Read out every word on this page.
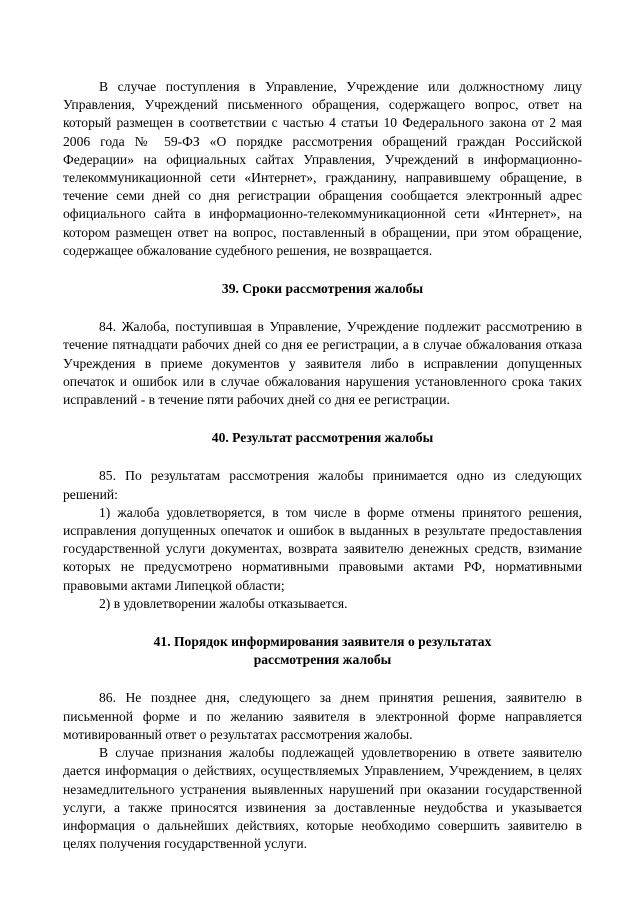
В случае поступления в Управление, Учреждение или должностному лицу Управления, Учреждений письменного обращения, содержащего вопрос, ответ на который размещен в соответствии с частью 4 статьи 10 Федерального закона от 2 мая 2006 года № 59-ФЗ «О порядке рассмотрения обращений граждан Российской Федерации» на официальных сайтах Управления, Учреждений в информационно-телекоммуникационной сети «Интернет», гражданину, направившему обращение, в течение семи дней со дня регистрации обращения сообщается электронный адрес официального сайта в информационно-телекоммуникационной сети «Интернет», на котором размещен ответ на вопрос, поставленный в обращении, при этом обращение, содержащее обжалование судебного решения, не возвращается.

39. Сроки рассмотрения жалобы

84. Жалоба, поступившая в Управление, Учреждение подлежит рассмотрению в течение пятнадцати рабочих дней со дня ее регистрации, а в случае обжалования отказа Учреждения в приеме документов у заявителя либо в исправлении допущенных опечаток и ошибок или в случае обжалования нарушения установленного срока таких исправлений - в течение пяти рабочих дней со дня ее регистрации.

40. Результат рассмотрения жалобы

85. По результатам рассмотрения жалобы принимается одно из следующих решений:

1) жалоба удовлетворяется, в том числе в форме отмены принятого решения, исправления допущенных опечаток и ошибок в выданных в результате предоставления государственной услуги документах, возврата заявителю денежных средств, взимание которых не предусмотрено нормативными правовыми актами РФ, нормативными правовыми актами Липецкой области;

2) в удовлетворении жалобы отказывается.

41. Порядок информирования заявителя о результатах
рассмотрения жалобы

86. Не позднее дня, следующего за днем принятия решения, заявителю в письменной форме и по желанию заявителя в электронной форме направляется мотивированный ответ о результатах рассмотрения жалобы.

В случае признания жалобы подлежащей удовлетворению в ответе заявителю дается информация о действиях, осуществляемых Управлением, Учреждением, в целях незамедлительного устранения выявленных нарушений при оказании государственной услуги, а также приносятся извинения за доставленные неудобства и указывается информация о дальнейших действиях, которые необходимо совершить заявителю в целях получения государственной услуги.
